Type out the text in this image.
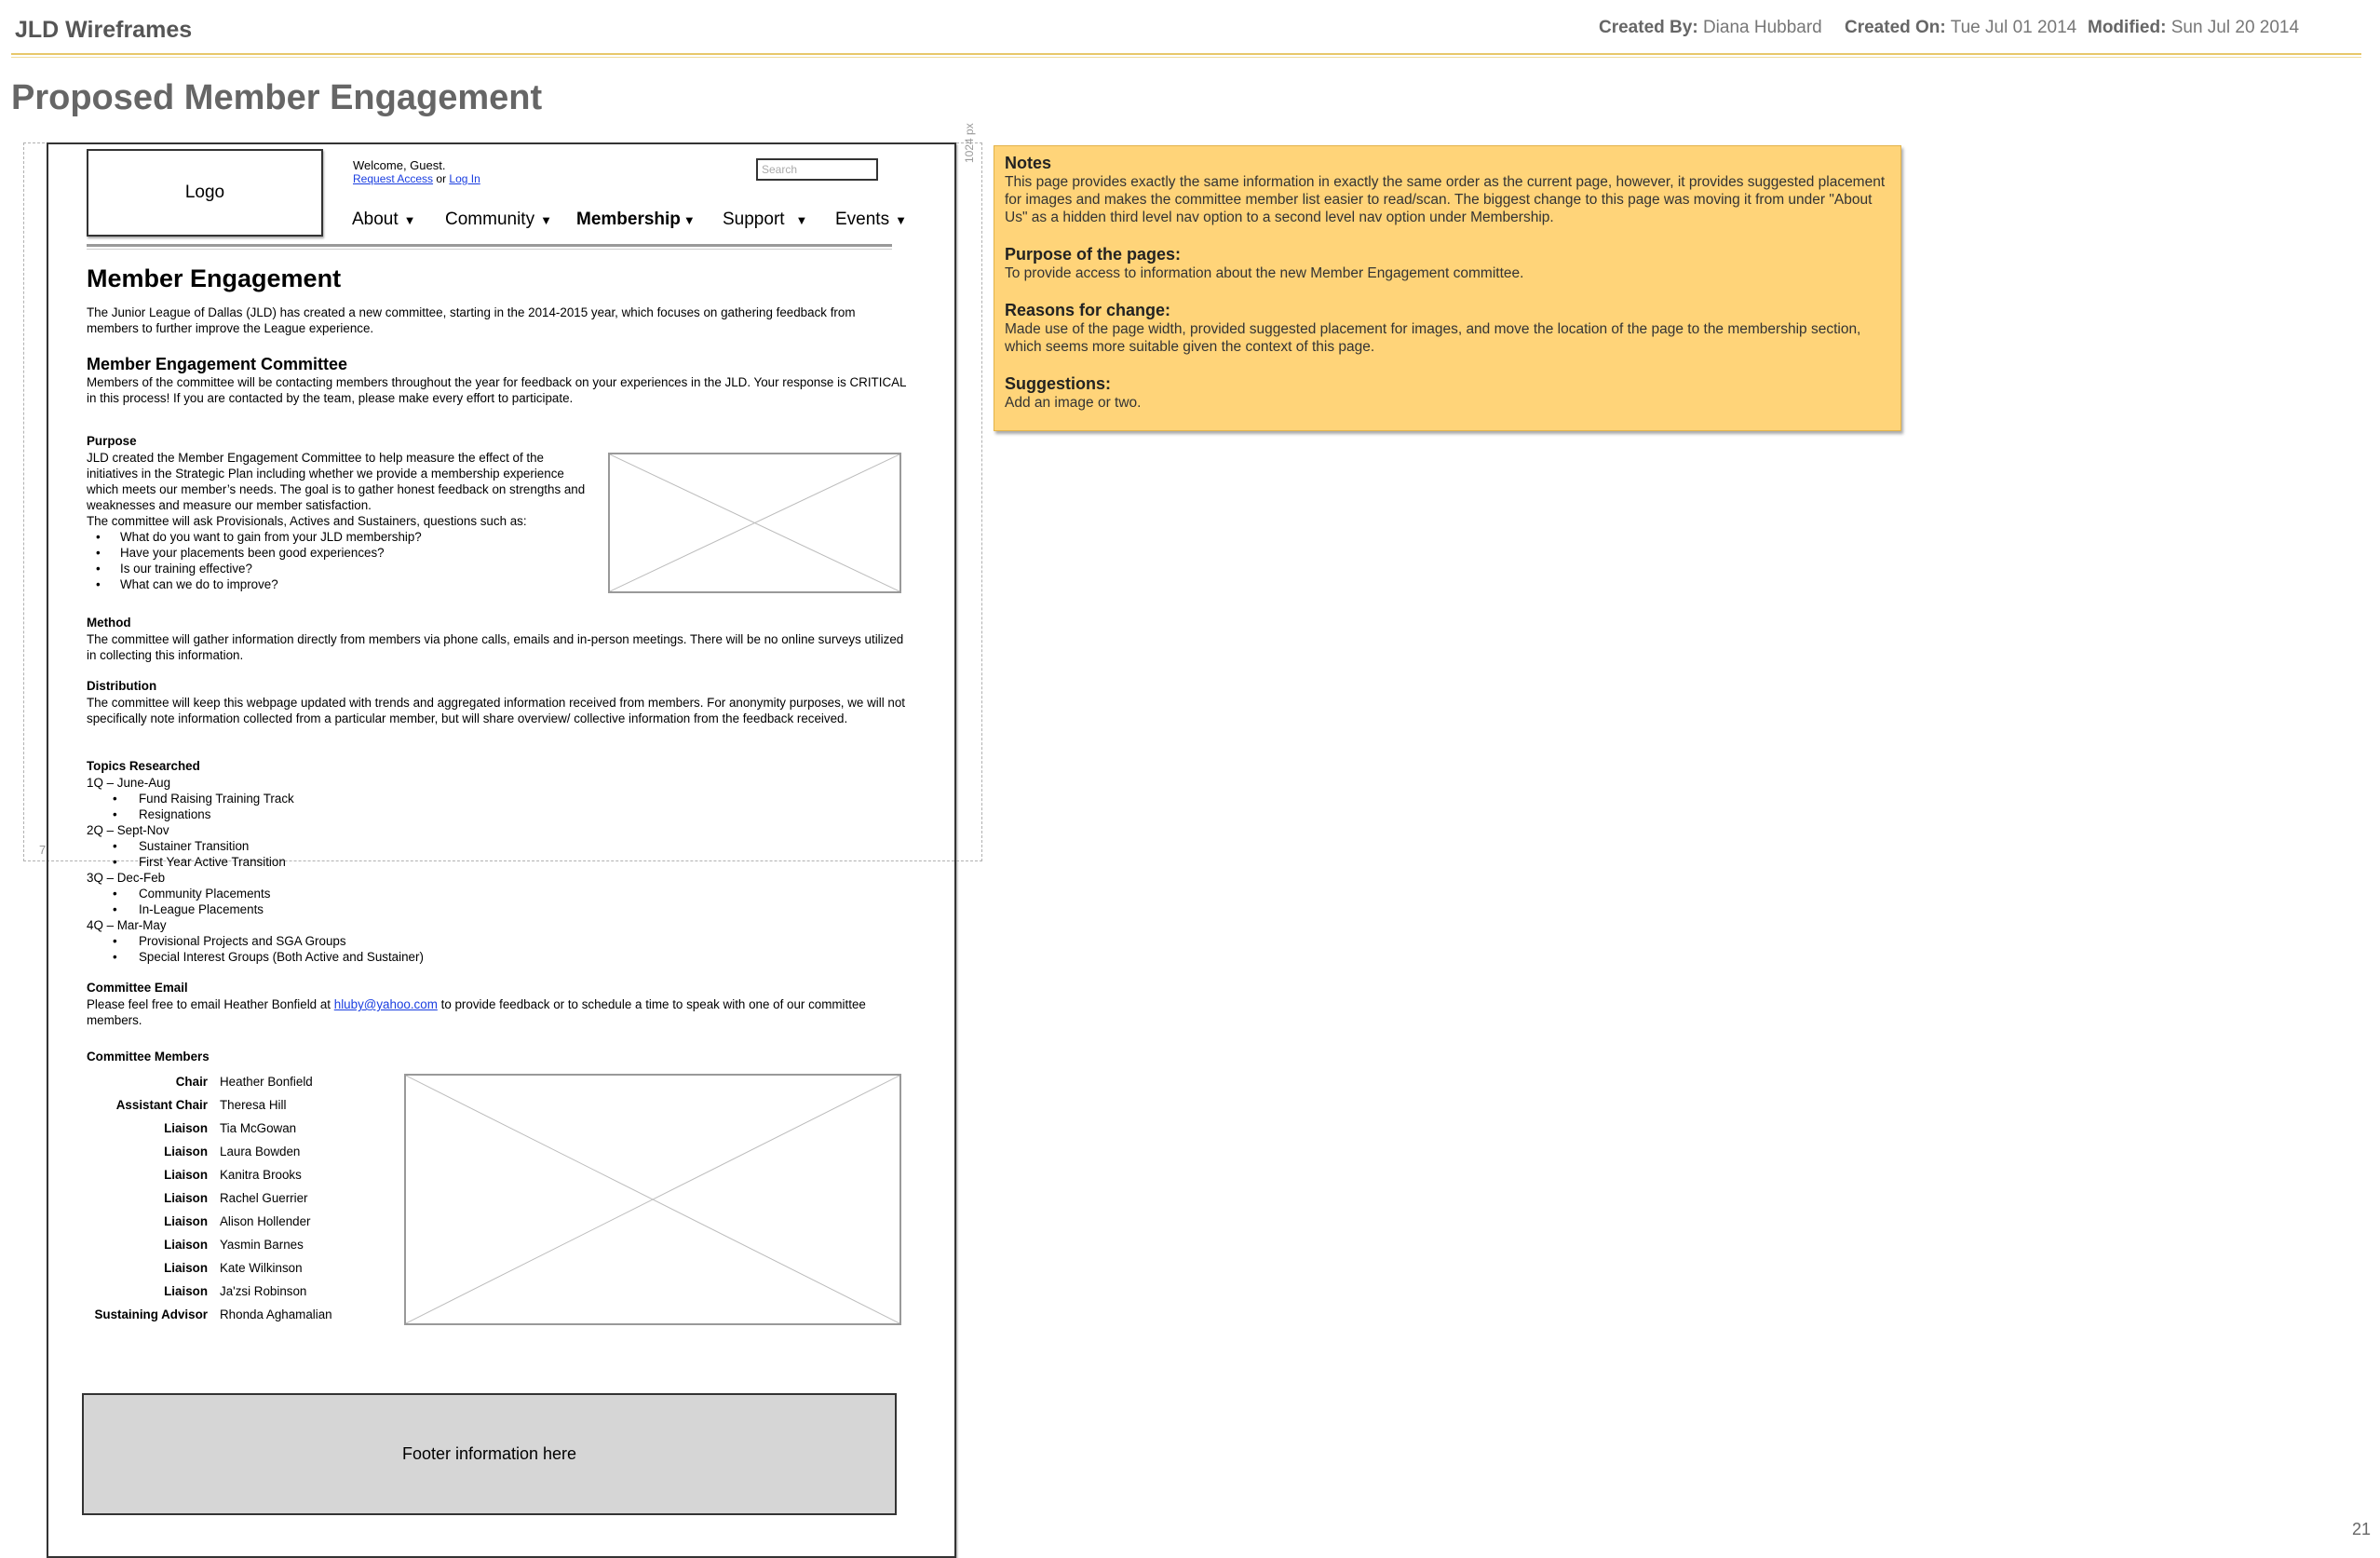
JLD Wireframes	Created By: Diana Hubbard Created On: Tue Jul 01 2014 Modified: Sun Jul 20 2014
Proposed Member Engagement
1024 px
7
Logo
Welcome, Guest.
Request Access or Log In
Search
About ▼ Community ▼ Membership ▼ Support ▼ Events ▼
Member Engagement
The Junior League of Dallas (JLD) has created a new committee, starting in the 2014-2015 year, which focuses on gathering feedback from members to further improve the League experience.
Member Engagement Committee
Members of the committee will be contacting members throughout the year for feedback on your experiences in the JLD. Your response is CRITICAL in this process! If you are contacted by the team, please make every effort to participate.
Purpose
JLD created the Member Engagement Committee to help measure the effect of the initiatives in the Strategic Plan including whether we provide a membership experience which meets our member’s needs. The goal is to gather honest feedback on strengths and weaknesses and measure our member satisfaction.
The committee will ask Provisionals, Actives and Sustainers, questions such as:
• What do you want to gain from your JLD membership?
• Have your placements been good experiences?
• Is our training effective?
• What can we do to improve?
Method
The committee will gather information directly from members via phone calls, emails and in-person meetings. There will be no online surveys utilized in collecting this information.
Distribution
The committee will keep this webpage updated with trends and aggregated information received from members. For anonymity purposes, we will not specifically note information collected from a particular member, but will share overview/ collective information from the feedback received.
Topics Researched
1Q – June-Aug
• Fund Raising Training Track
• Resignations
2Q – Sept-Nov
• Sustainer Transition
• First Year Active Transition
3Q – Dec-Feb
• Community Placements
• In-League Placements
4Q – Mar-May
• Provisional Projects and SGA Groups
• Special Interest Groups (Both Active and Sustainer)
Committee Email
Please feel free to email Heather Bonfield at hluby@yahoo.com to provide feedback or to schedule a time to speak with one of our committee members.
Committee Members
Chair
Assistant Chair
Liaison
Liaison
Liaison
Liaison
Liaison
Liaison
Liaison
Liaison
Sustaining Advisor
Heather Bonfield
Theresa Hill
Tia McGowan
Laura Bowden
Kanitra Brooks
Rachel Guerrier
Alison Hollender
Yasmin Barnes
Kate Wilkinson
Ja'zsi Robinson
Rhonda Aghamalian
Footer information here
Notes
This page provides exactly the same information in exactly the same order as the current page, however, it provides suggested placement for images and makes the committee member list easier to read/scan. The biggest change to this page was moving it from under "About Us" as a hidden third level nav option to a second level nav option under Membership.
Purpose of the pages:
To provide access to information about the new Member Engagement committee.
Reasons for change:
Made use of the page width, provided suggested placement for images, and move the location of the page to the membership section, which seems more suitable given the context of this page.
Suggestions:
Add an image or two.
21
